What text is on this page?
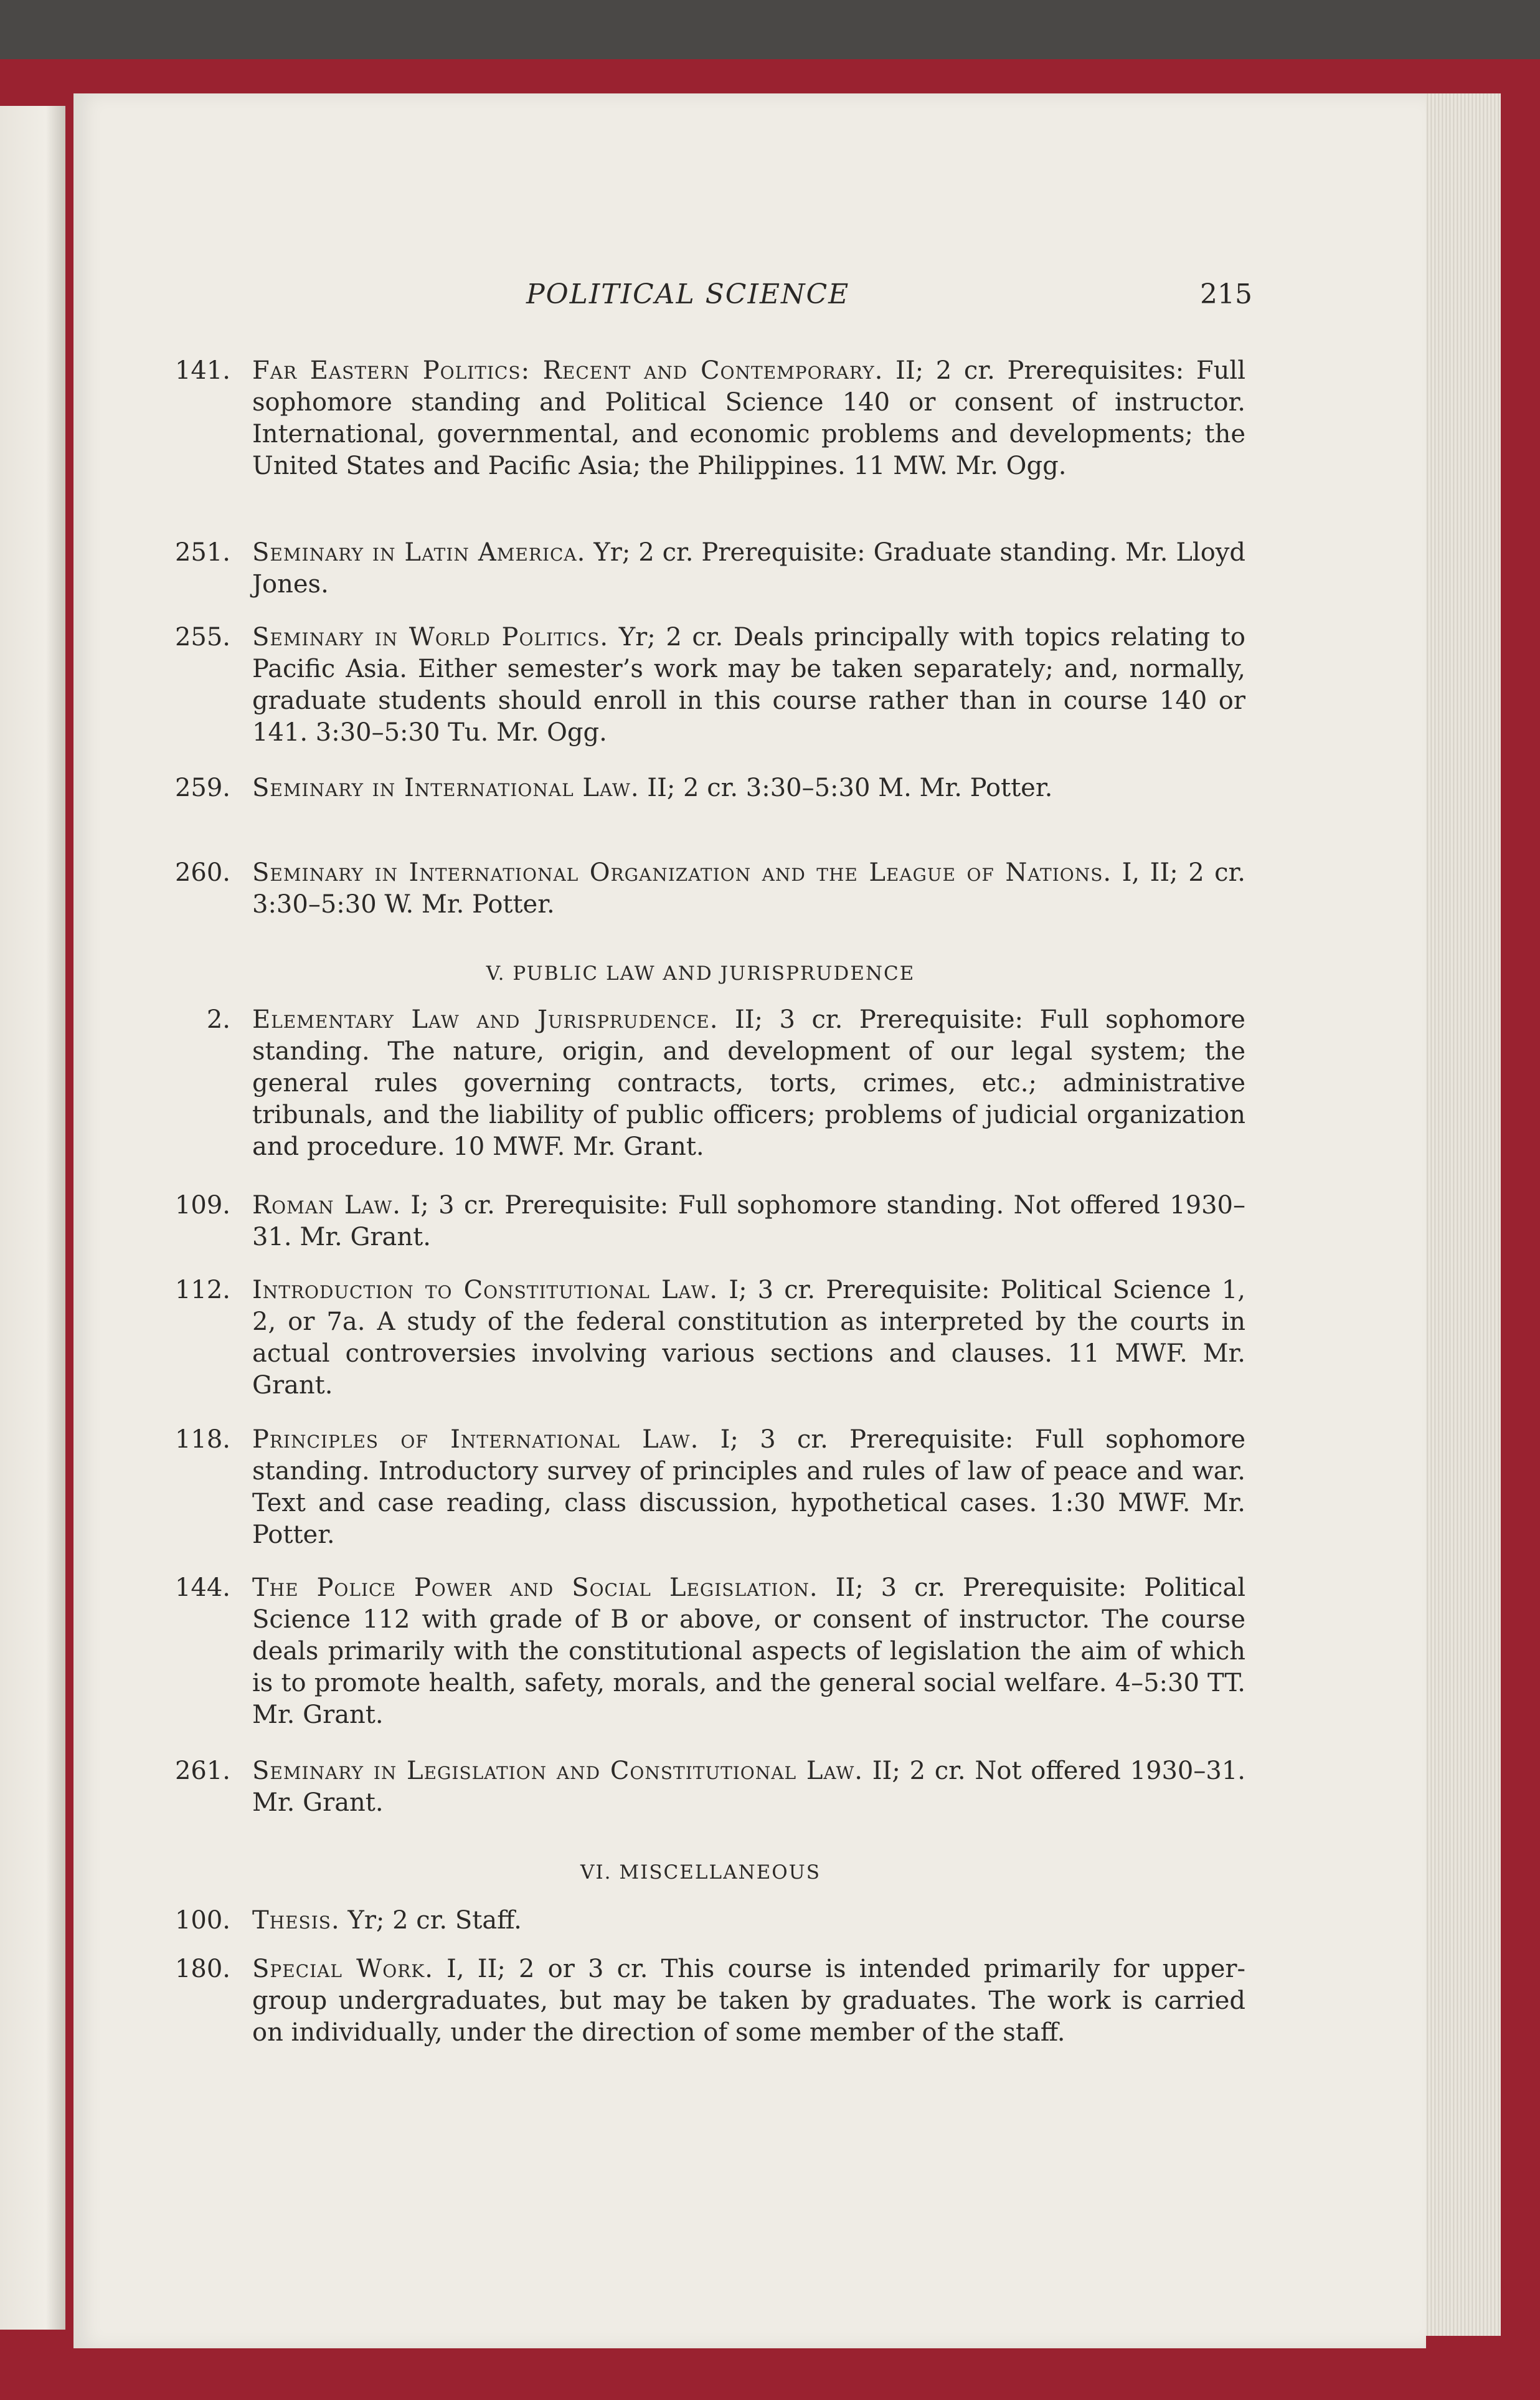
POLITICAL SCIENCE	215
141. Far Eastern Politics: Recent and Contemporary. II; 2 cr. Prerequisites: Full sophomore standing and Political Science 140 or consent of instructor. International, governmental, and economic problems and developments; the United States and Pacific Asia; the Philippines. 11 MW. Mr. Ogg.
251. Seminary in Latin America. Yr; 2 cr. Prerequisite: Graduate standing. Mr. Lloyd Jones.
255. Seminary in World Politics. Yr; 2 cr. Deals principally with topics relating to Pacific Asia. Either semester’s work may be taken separately; and, normally, graduate students should enroll in this course rather than in course 140 or 141. 3:30–5:30 Tu. Mr. Ogg.
259. Seminary in International Law. II; 2 cr. 3:30–5:30 M. Mr. Potter.
260. Seminary in International Organization and the League of Nations. I, II; 2 cr. 3:30–5:30 W. Mr. Potter.
V. PUBLIC LAW AND JURISPRUDENCE
2. Elementary Law and Jurisprudence. II; 3 cr. Prerequisite: Full sophomore standing. The nature, origin, and development of our legal system; the general rules governing contracts, torts, crimes, etc.; administrative tribunals, and the liability of public officers; problems of judicial organization and procedure. 10 MWF. Mr. Grant.
109. Roman Law. I; 3 cr. Prerequisite: Full sophomore standing. Not offered 1930–31. Mr. Grant.
112. Introduction to Constitutional Law. I; 3 cr. Prerequisite: Political Science 1, 2, or 7a. A study of the federal constitution as interpreted by the courts in actual controversies involving various sections and clauses. 11 MWF. Mr. Grant.
118. Principles of International Law. I; 3 cr. Prerequisite: Full sophomore standing. Introductory survey of principles and rules of law of peace and war. Text and case reading, class discussion, hypothetical cases. 1:30 MWF. Mr. Potter.
144. The Police Power and Social Legislation. II; 3 cr. Prerequisite: Political Science 112 with grade of B or above, or consent of instructor. The course deals primarily with the constitutional aspects of legislation the aim of which is to promote health, safety, morals, and the general social welfare. 4–5:30 TT. Mr. Grant.
261. Seminary in Legislation and Constitutional Law. II; 2 cr. Not offered 1930–31. Mr. Grant.
VI. MISCELLANEOUS
100. Thesis. Yr; 2 cr. Staff.
180. Special Work. I, II; 2 or 3 cr. This course is intended primarily for upper-group undergraduates, but may be taken by graduates. The work is carried on individually, under the direction of some member of the staff.
